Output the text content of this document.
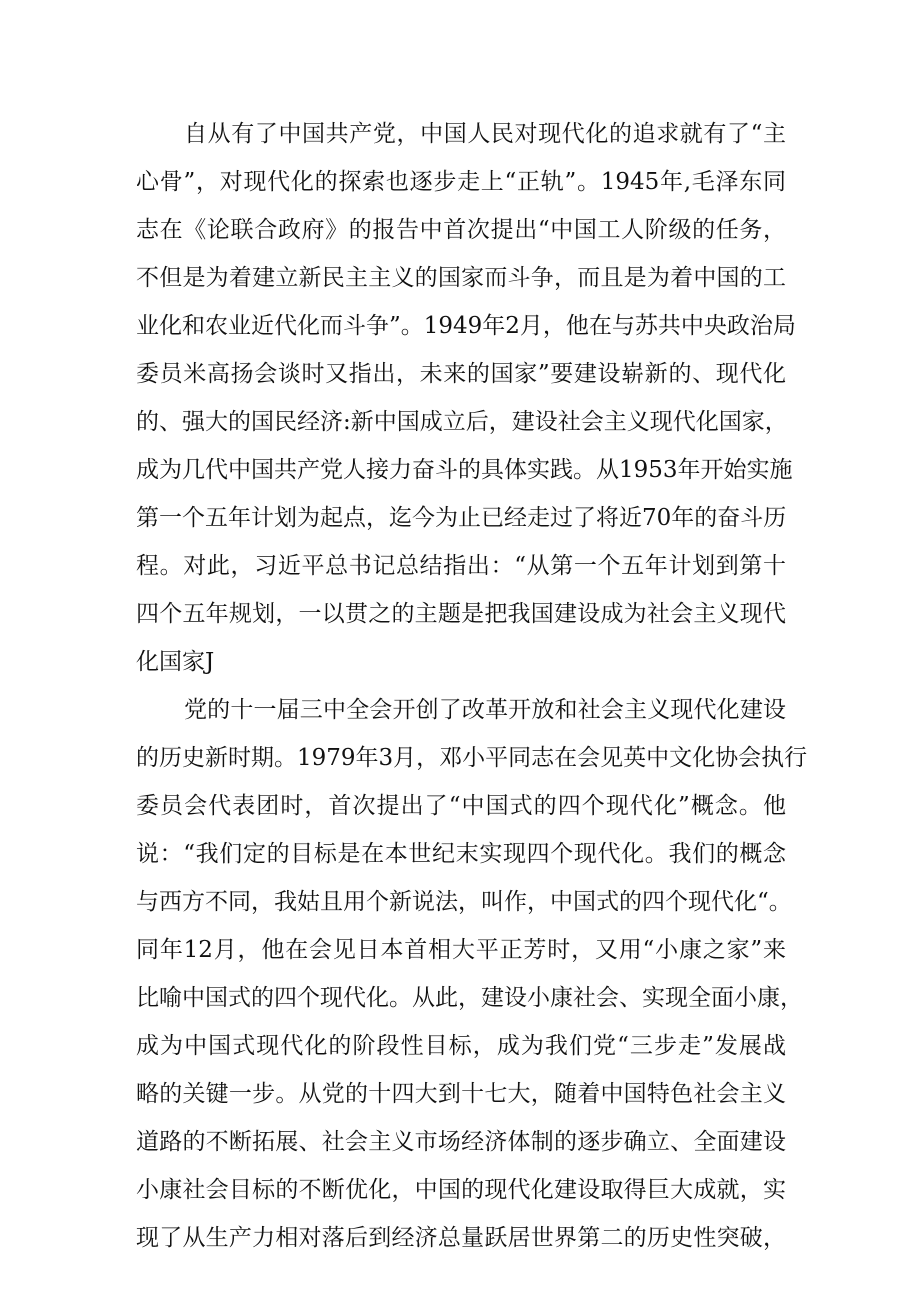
自从有了中国共产党，中国人民对现代化的追求就有了“主
心骨”，对现代化的探索也逐步走上“正轨”。1945年,毛泽东同
志在《论联合政府》的报告中首次提出“中国工人阶级的任务，
不但是为着建立新民主主义的国家而斗争，而且是为着中国的工
业化和农业近代化而斗争”。1949年2月，他在与苏共中央政治局
委员米高扬会谈时又指出，未来的国家”要建设崭新的、现代化
的、强大的国民经济:新中国成立后，建设社会主义现代化国家，
成为几代中国共产党人接力奋斗的具体实践。从1953年开始实施
第一个五年计划为起点，迄今为止已经走过了将近70年的奋斗历
程。对此，习近平总书记总结指出：“从第一个五年计划到第十
四个五年规划，一以贯之的主题是把我国建设成为社会主义现代
化国家J
党的十一届三中全会开创了改革开放和社会主义现代化建设
的历史新时期。1979年3月，邓小平同志在会见英中文化协会执行
委员会代表团时，首次提出了“中国式的四个现代化”概念。他
说：“我们定的目标是在本世纪末实现四个现代化。我们的概念
与西方不同，我姑且用个新说法，叫作，中国式的四个现代化“。
同年12月，他在会见日本首相大平正芳时，又用“小康之家”来
比喻中国式的四个现代化。从此，建设小康社会、实现全面小康，
成为中国式现代化的阶段性目标，成为我们党“三步走”发展战
略的关键一步。从党的十四大到十七大，随着中国特色社会主义
道路的不断拓展、社会主义市场经济体制的逐步确立、全面建设
小康社会目标的不断优化，中国的现代化建设取得巨大成就，实
现了从生产力相对落后到经济总量跃居世界第二的历史性突破，
